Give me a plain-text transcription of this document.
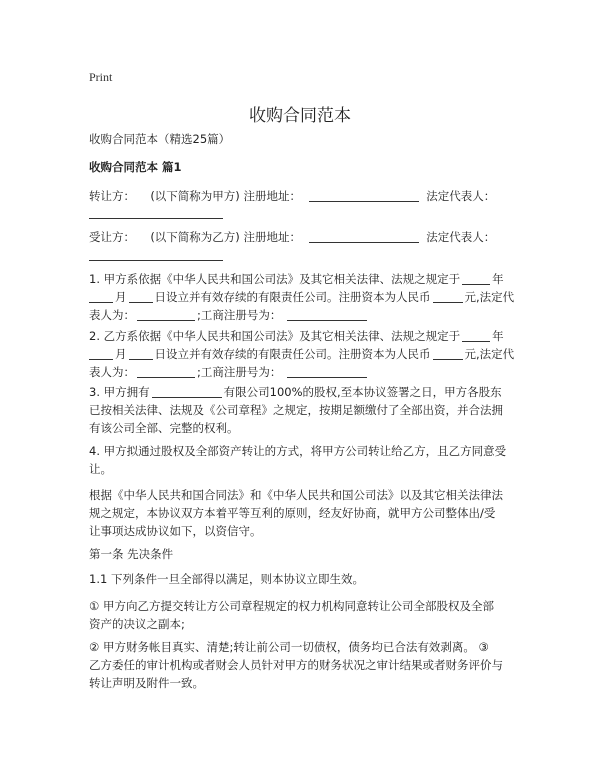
Print
收购合同范本
收购合同范本（精选25篇）
收购合同范本 篇1
转让方： (以下简称为甲方) 注册地址：	法定代表人：
受让方： (以下简称为乙方) 注册地址：	法定代表人：
1. 甲方系依据《中华人民共和国公司法》及其它相关法律、法规之规定于	年
月 日设立并有效存续的有限责任公司。注册资本为人民币	元,法定代
表人为：	;工商注册号为：
2. 乙方系依据《中华人民共和国公司法》及其它相关法律、法规之规定于	年
月 日设立并有效存续的有限责任公司。注册资本为人民币	元,法定代
表人为：	;工商注册号为：
3. 甲方拥有	有限公司100%的股权,至本协议签署之日，甲方各股东
已按相关法律、法规及《公司章程》之规定，按期足额缴付了全部出资，并合法拥
有该公司全部、完整的权利。
4. 甲方拟通过股权及全部资产转让的方式，将甲方公司转让给乙方，且乙方同意受
让。
根据《中华人民共和国合同法》和《中华人民共和国公司法》以及其它相关法律法
规之规定，本协议双方本着平等互利的原则，经友好协商，就甲方公司整体出/受
让事项达成协议如下，以资信守。
第一条 先决条件
1.1 下列条件一旦全部得以满足，则本协议立即生效。
① 甲方向乙方提交转让方公司章程规定的权力机构同意转让公司全部股权及全部
资产的决议之副本;
② 甲方财务帐目真实、清楚;转让前公司一切债权，债务均已合法有效剥离。 ③
乙方委任的审计机构或者财会人员针对甲方的财务状况之审计结果或者财务评价与
转让声明及附件一致。
